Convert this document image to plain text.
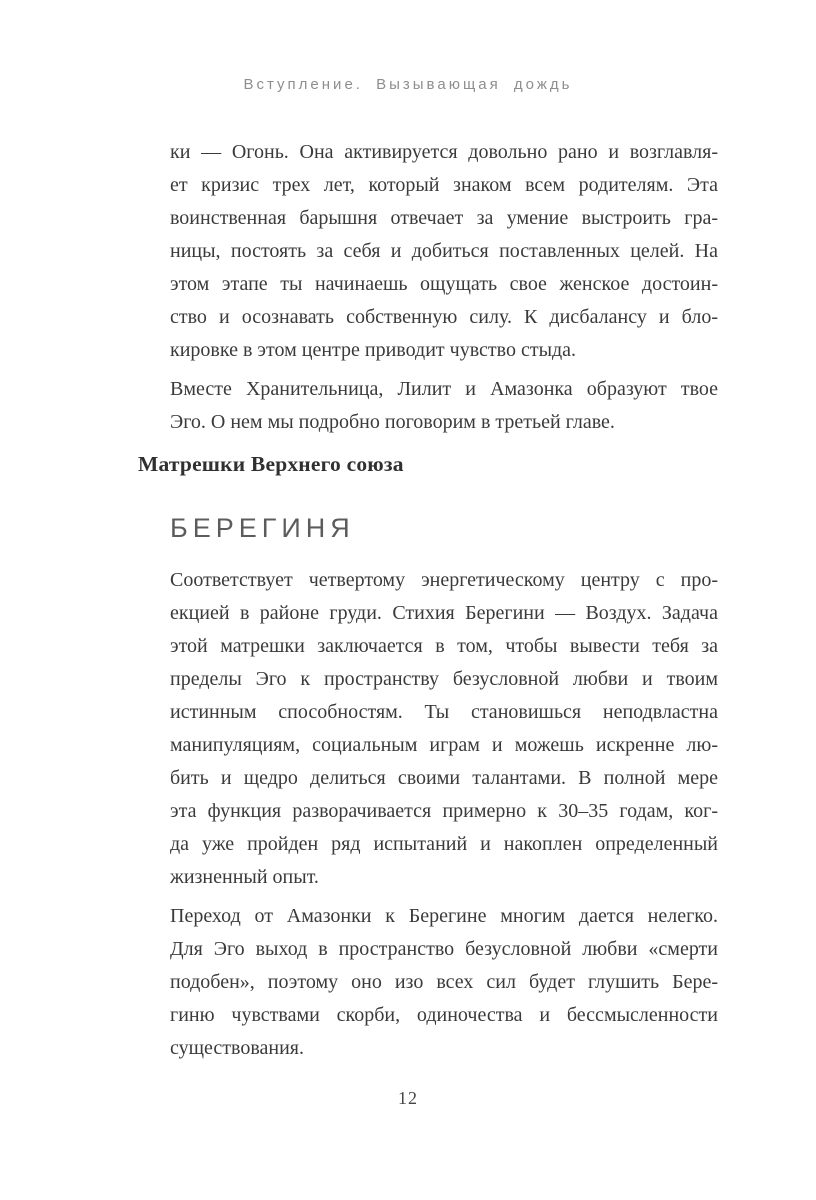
Вступление. Вызывающая дождь
ки — Огонь. Она активируется довольно рано и возглавля-
ет кризис трех лет, который знаком всем родителям. Эта
воинственная барышня отвечает за умение выстроить гра-
ницы, постоять за себя и добиться поставленных целей. На
этом этапе ты начинаешь ощущать свое женское достоин-
ство и осознавать собственную силу. К дисбалансу и бло-
кировке в этом центре приводит чувство стыда.
Вместе Хранительница, Лилит и Амазонка образуют твое
Эго. О нем мы подробно поговорим в третьей главе.
Матрешки Верхнего союза
БЕРЕГИНЯ
Соответствует четвертому энергетическому центру с про-
екцией в районе груди. Стихия Берегини — Воздух. Задача
этой матрешки заключается в том, чтобы вывести тебя за
пределы Эго к пространству безусловной любви и твоим
истинным способностям. Ты становишься неподвластна
манипуляциям, социальным играм и можешь искренне лю-
бить и щедро делиться своими талантами. В полной мере
эта функция разворачивается примерно к 30–35 годам, ког-
да уже пройден ряд испытаний и накоплен определенный
жизненный опыт.
Переход от Амазонки к Берегине многим дается нелегко.
Для Эго выход в пространство безусловной любви «смерти
подобен», поэтому оно изо всех сил будет глушить Бере-
гиню чувствами скорби, одиночества и бессмысленности
существования.
12
